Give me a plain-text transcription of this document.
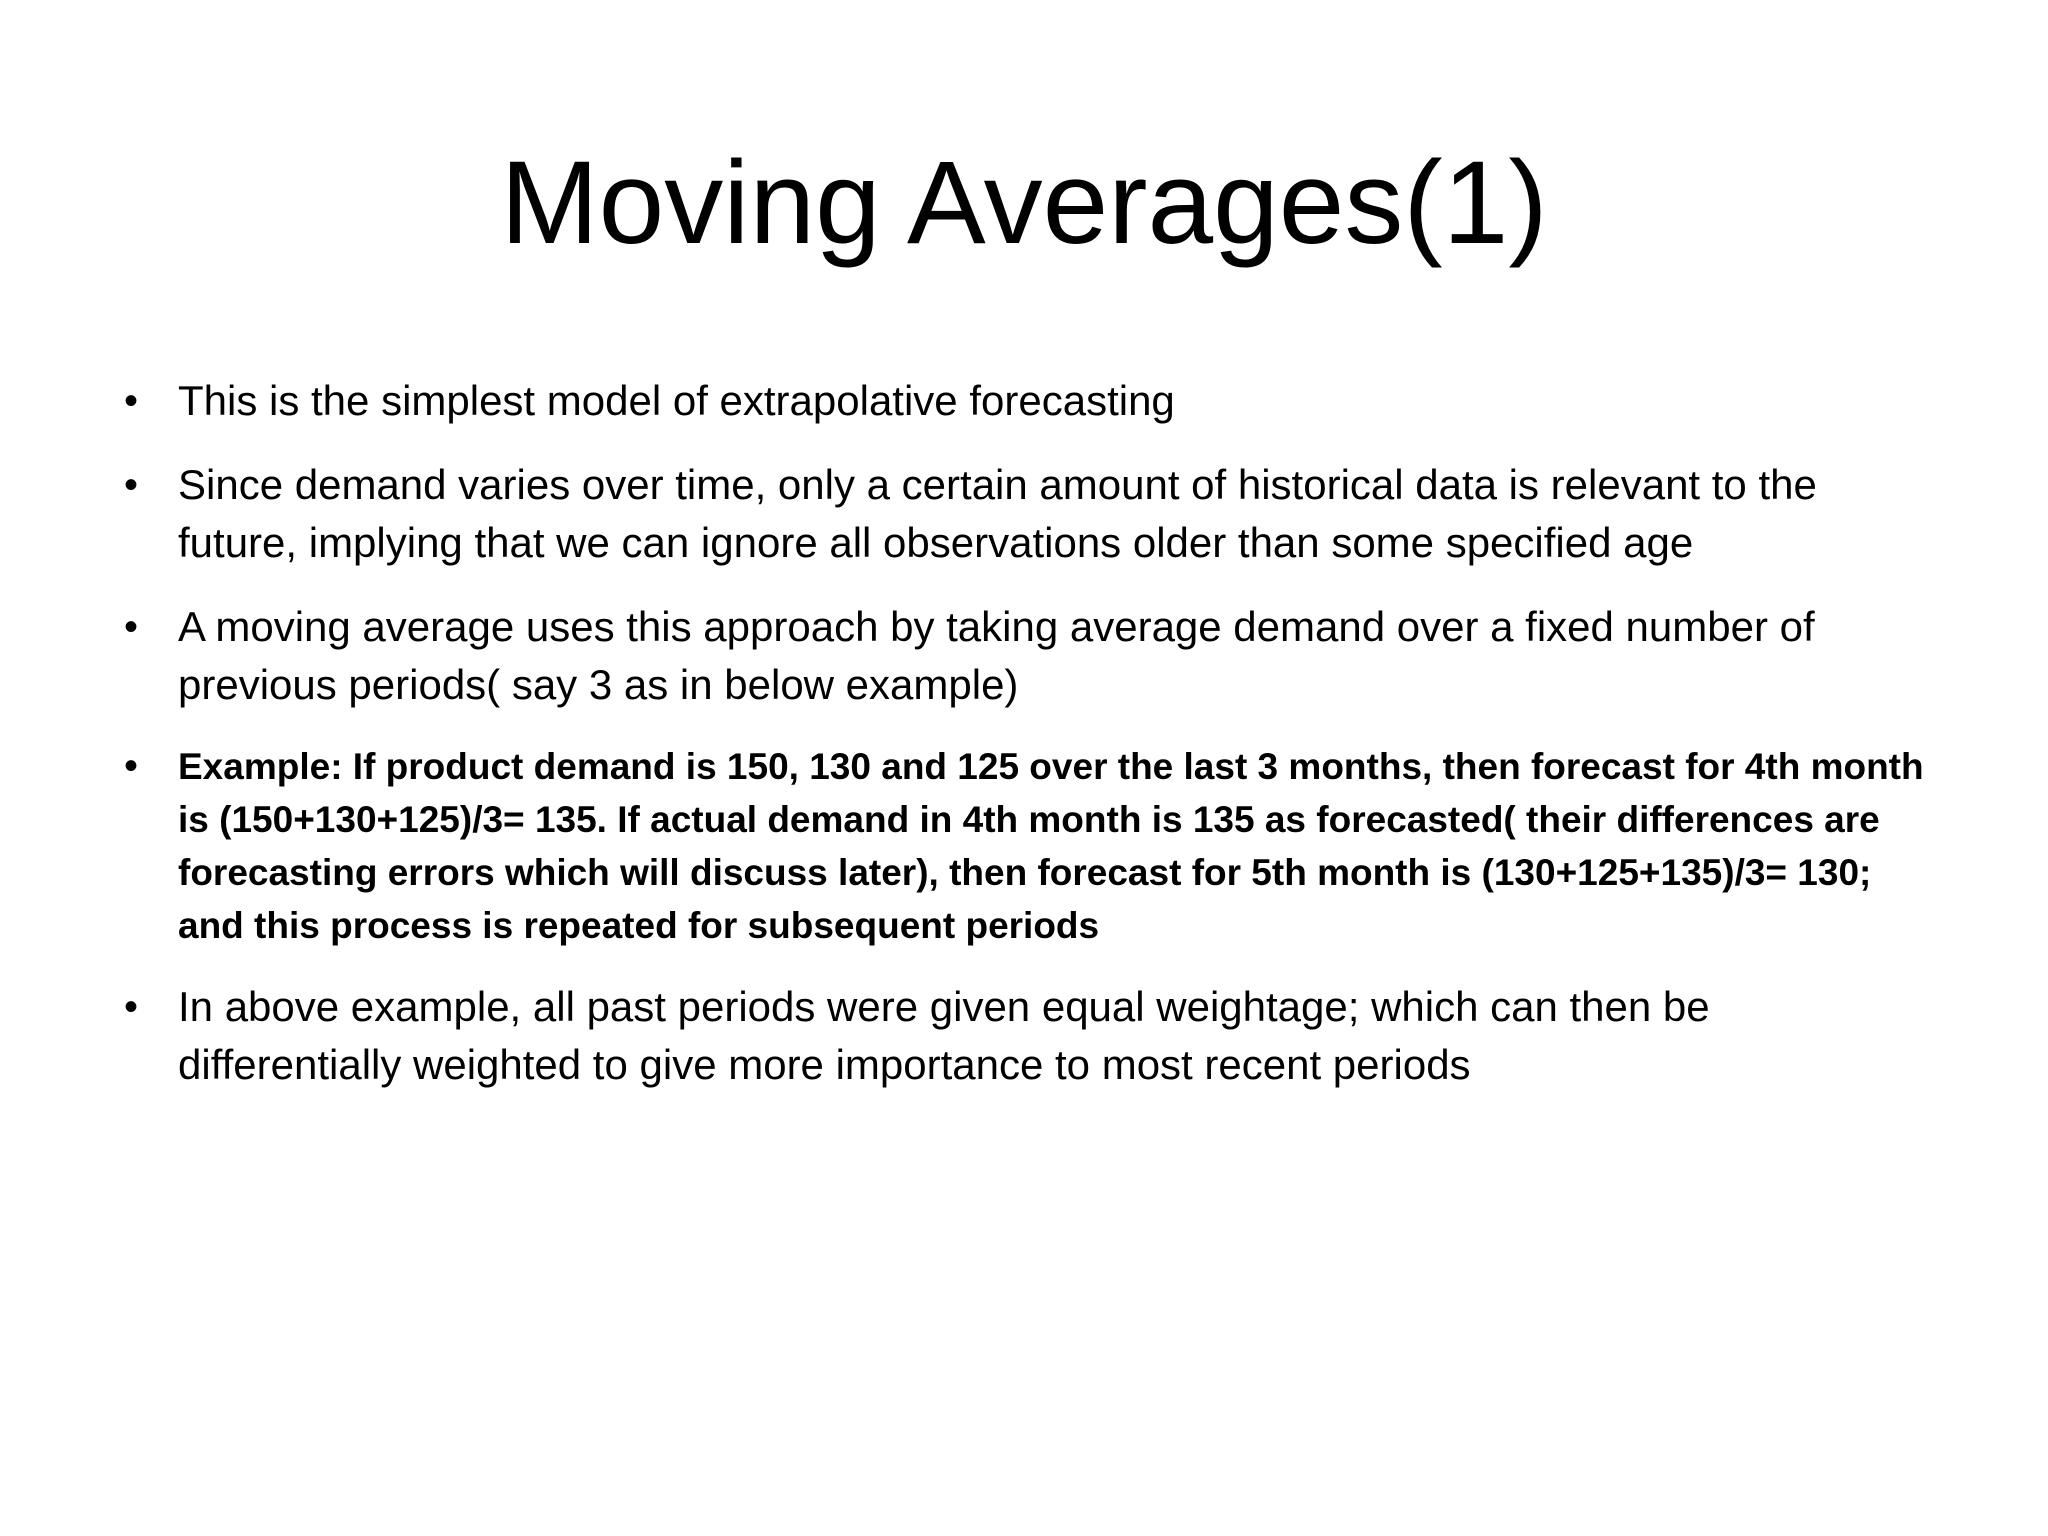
Moving Averages(1)
• This is the simplest model of extrapolative forecasting
• Since demand varies over time, only a certain amount of historical data is relevant to the future, implying that we can ignore all observations older than some specified age
• A moving average uses this approach by taking average demand over a fixed number of previous periods( say 3 as in below example)
• Example: If product demand is 150, 130 and 125 over the last 3 months, then forecast for 4th month is (150+130+125)/3= 135. If actual demand in 4th month is 135 as forecasted( their differences are forecasting errors which will discuss later), then forecast for 5th month is (130+125+135)/3= 130; and this process is repeated for subsequent periods
• In above example, all past periods were given equal weightage; which can then be differentially weighted to give more importance to most recent periods
